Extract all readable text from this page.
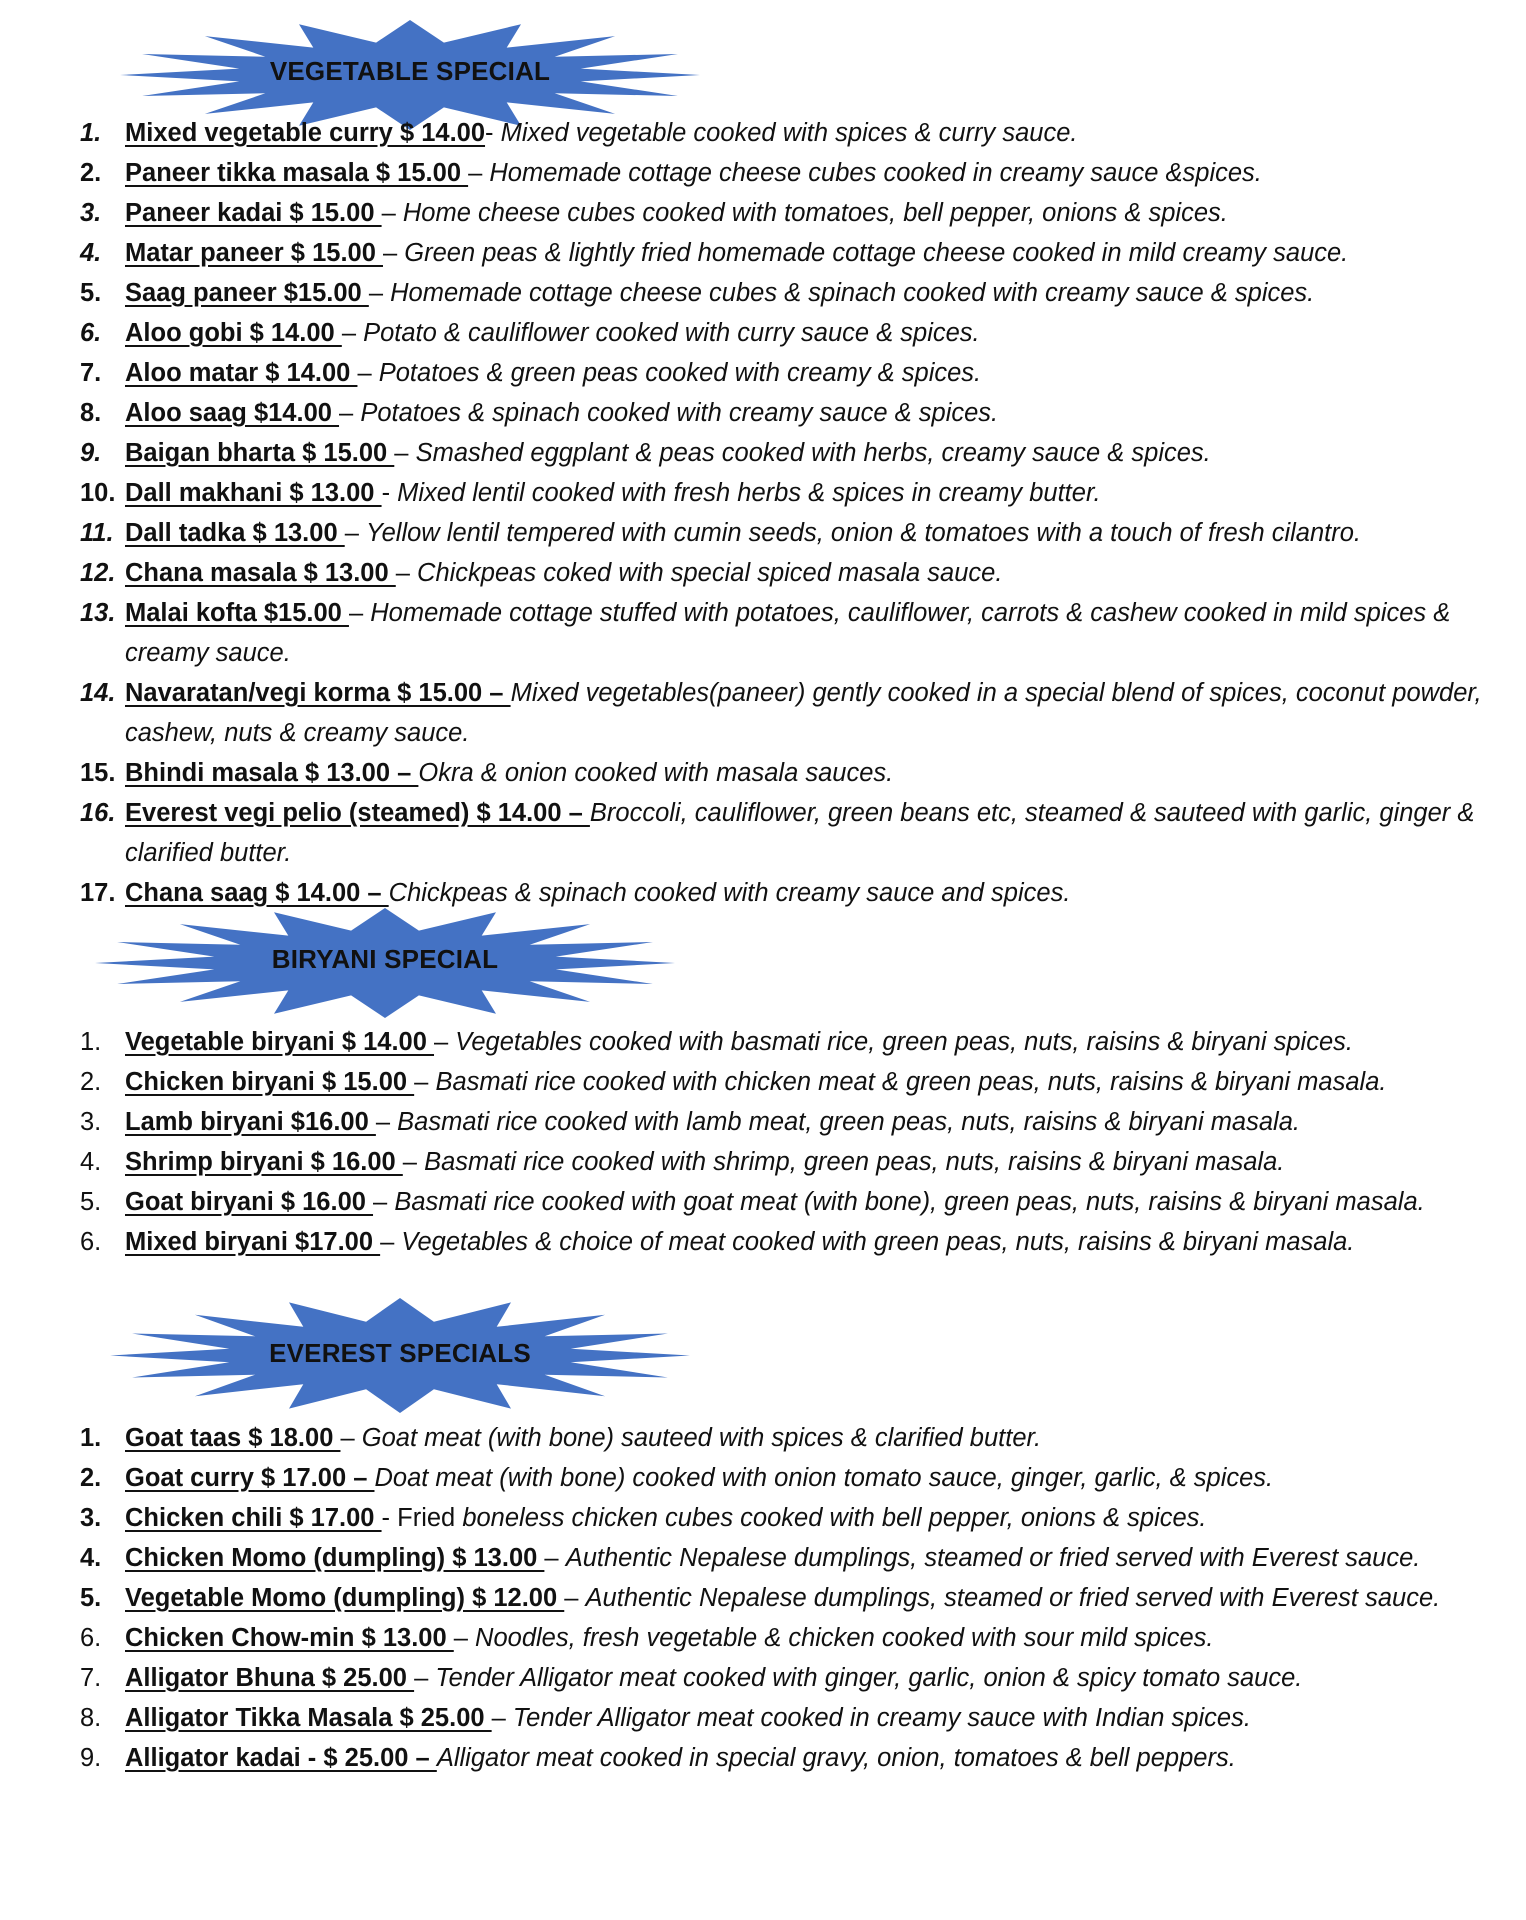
VEGETABLE SPECIAL
1. Mixed vegetable curry $ 14.00- Mixed vegetable cooked with spices & curry sauce.
2. Paneer tikka masala $ 15.00 – Homemade cottage cheese cubes cooked in creamy sauce &spices.
3. Paneer kadai $ 15.00 – Home cheese cubes cooked with tomatoes, bell pepper, onions & spices.
4. Matar paneer $ 15.00 – Green peas & lightly fried homemade cottage cheese cooked in mild creamy sauce.
5. Saag paneer $15.00 – Homemade cottage cheese cubes & spinach cooked with creamy sauce & spices.
6. Aloo gobi $ 14.00 – Potato & cauliflower cooked with curry sauce & spices.
7. Aloo matar $ 14.00 – Potatoes & green peas cooked with creamy & spices.
8. Aloo saag $14.00 – Potatoes & spinach cooked with creamy sauce & spices.
9. Baigan bharta $ 15.00 – Smashed eggplant & peas cooked with herbs, creamy sauce & spices.
10. Dall makhani $ 13.00 - Mixed lentil cooked with fresh herbs & spices in creamy butter.
11. Dall tadka $ 13.00 – Yellow lentil tempered with cumin seeds, onion & tomatoes with a touch of fresh cilantro.
12. Chana masala $ 13.00 – Chickpeas coked with special spiced masala sauce.
13. Malai kofta $15.00 – Homemade cottage stuffed with potatoes, cauliflower, carrots & cashew cooked in mild spices & creamy sauce.
14. Navaratan/vegi korma $ 15.00 – Mixed vegetables(paneer) gently cooked in a special blend of spices, coconut powder, cashew, nuts & creamy sauce.
15. Bhindi masala $ 13.00 – Okra & onion cooked with masala sauces.
16. Everest vegi pelio (steamed) $ 14.00 – Broccoli, cauliflower, green beans etc, steamed & sauteed with garlic, ginger & clarified butter.
17. Chana saag $ 14.00 – Chickpeas & spinach cooked with creamy sauce and spices.
BIRYANI SPECIAL
1. Vegetable biryani $ 14.00 – Vegetables cooked with basmati rice, green peas, nuts, raisins & biryani spices.
2. Chicken biryani $ 15.00 – Basmati rice cooked with chicken meat & green peas, nuts, raisins & biryani masala.
3. Lamb biryani $16.00 – Basmati rice cooked with lamb meat, green peas, nuts, raisins & biryani masala.
4. Shrimp biryani $ 16.00 – Basmati rice cooked with shrimp, green peas, nuts, raisins & biryani masala.
5. Goat biryani $ 16.00 – Basmati rice cooked with goat meat (with bone), green peas, nuts, raisins & biryani masala.
6. Mixed biryani $17.00 – Vegetables & choice of meat cooked with green peas, nuts, raisins & biryani masala.
EVEREST SPECIALS
1. Goat taas $ 18.00 – Goat meat (with bone) sauteed with spices & clarified butter.
2. Goat curry $ 17.00 – Doat meat (with bone) cooked with onion tomato sauce, ginger, garlic, & spices.
3. Chicken chili $ 17.00 - Fried boneless chicken cubes cooked with bell pepper, onions & spices.
4. Chicken Momo (dumpling) $ 13.00 – Authentic Nepalese dumplings, steamed or fried served with Everest sauce.
5. Vegetable Momo (dumpling) $ 12.00 – Authentic Nepalese dumplings, steamed or fried served with Everest sauce.
6. Chicken Chow-min $ 13.00 – Noodles, fresh vegetable & chicken cooked with sour mild spices.
7. Alligator Bhuna $ 25.00 – Tender Alligator meat cooked with ginger, garlic, onion & spicy tomato sauce.
8. Alligator Tikka Masala $ 25.00 – Tender Alligator meat cooked in creamy sauce with Indian spices.
9. Alligator kadai - $ 25.00 – Alligator meat cooked in special gravy, onion, tomatoes & bell peppers.
